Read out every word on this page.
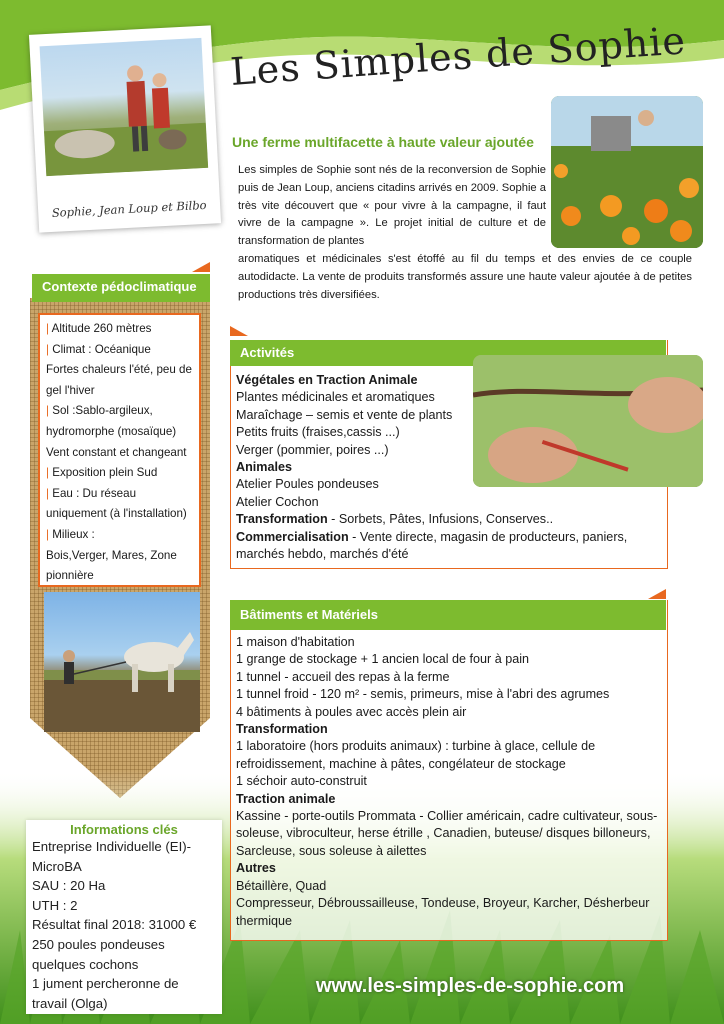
Sophie, Jean Loup et Bilbo
Les Simples de Sophie
Une ferme multifacette à haute valeur ajoutée
Les simples de Sophie sont nés de la reconversion de Sophie puis de Jean Loup, anciens citadins arrivés en 2009. Sophie a très vite découvert que « pour vivre à la campagne, il faut vivre de la campagne ». Le projet initial de culture et de transformation de plantes
aromatiques et médicinales s'est étoffé au fil du temps et des envies de ce couple autodidacte. La vente de produits transformés assure une haute valeur ajoutée à de petites productions très diversifiées.
Contexte pédoclimatique
| Altitude 260 mètres
| Climat : Océanique
Fortes chaleurs l'été, peu de gel l'hiver
| Sol :Sablo-argileux, hydromorphe (mosaïque)
Vent constant et changeant
| Exposition plein Sud
| Eau : Du réseau uniquement (à l'installation)
| Milieux :
Bois,Verger, Mares, Zone pionnière
Informations clés
Entreprise Individuelle (EI)-MicroBA
SAU : 20 Ha
UTH : 2
Résultat final 2018: 31000 €
250 poules pondeuses
quelques cochons
1 jument percheronne de travail (Olga)
Activités
Végétales en Traction Animale
Plantes médicinales et aromatiques
Maraîchage – semis et vente de plants
Petits fruits (fraises,cassis ...)
Verger (pommier, poires ...)
Animales
Atelier Poules pondeuses
Atelier Cochon
Transformation - Sorbets, Pâtes, Infusions, Conserves..
Commercialisation - Vente directe, magasin de producteurs, paniers, marchés hebdo, marchés d'été
Bâtiments et Matériels
1 maison d'habitation
1 grange de stockage + 1 ancien local de four à pain
1 tunnel - accueil des repas à la ferme
1 tunnel froid - 120 m² - semis, primeurs, mise à l'abri des agrumes
4 bâtiments à poules avec accès plein air
Transformation
1 laboratoire (hors produits animaux) : turbine à glace, cellule de refroidissement, machine à pâtes, congélateur de stockage
1 séchoir auto-construit
Traction animale
Kassine - porte-outils Prommata - Collier américain, cadre cultivateur, sous-soleuse, vibroculteur, herse étrille , Canadien, buteuse/ disques billoneurs, Sarcleuse, sous soleuse à ailettes
Autres
Bétaillère, Quad
Compresseur, Débroussailleuse, Tondeuse, Broyeur, Karcher, Désherbeur thermique
www.les-simples-de-sophie.com
